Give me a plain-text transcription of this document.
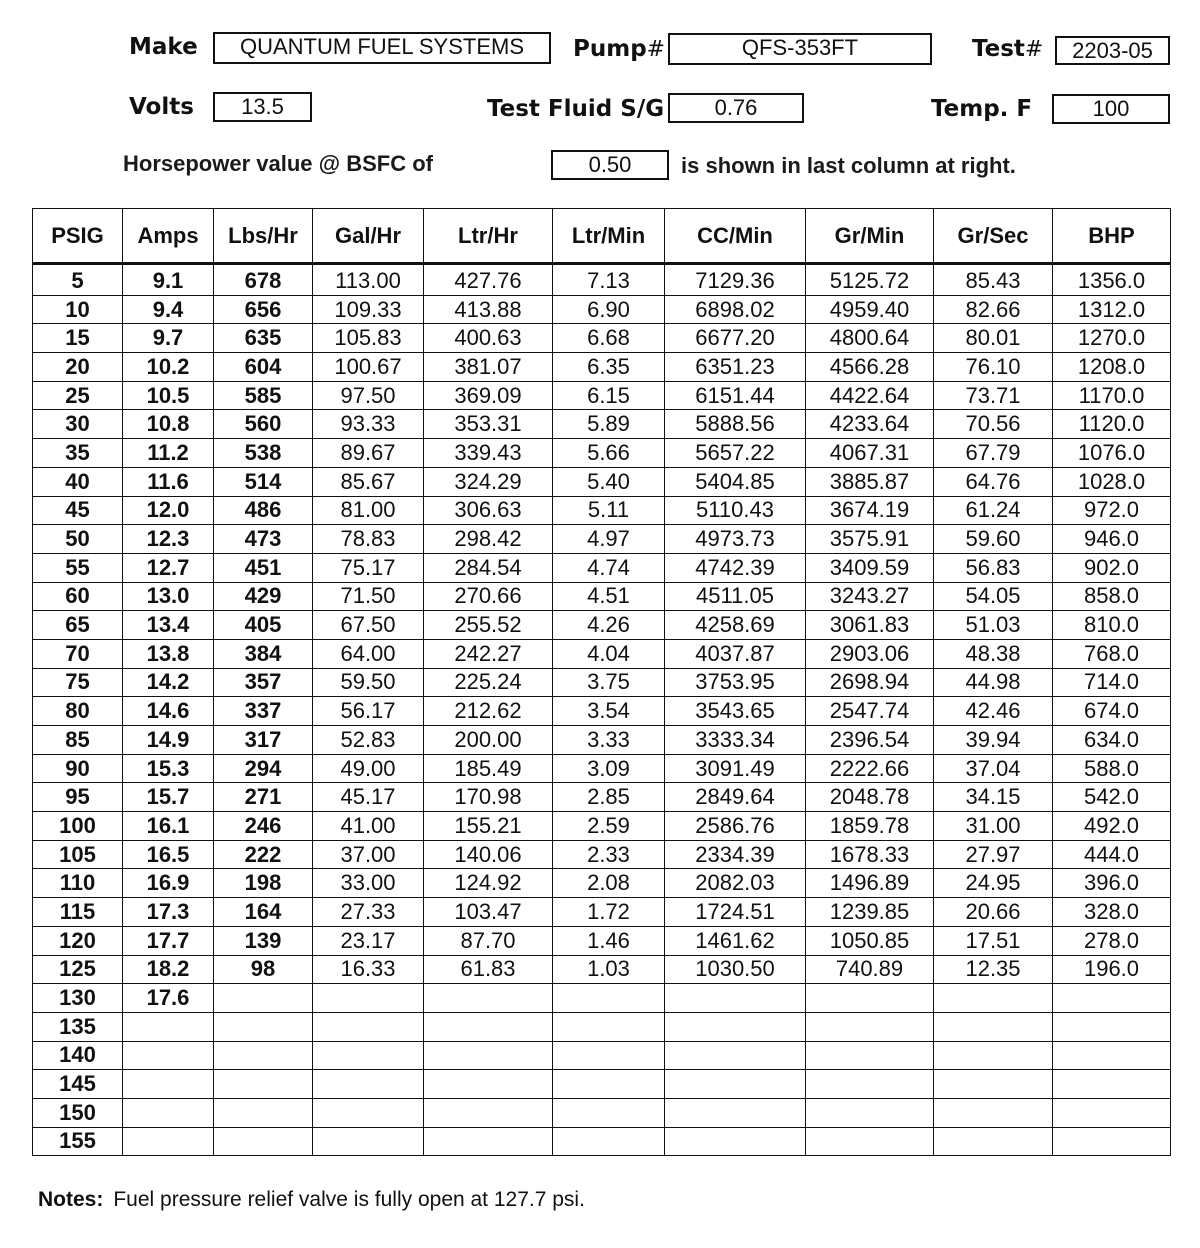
Make	QUANTUM FUEL SYSTEMS	Pump#	QFS-353FT	Test#	2203-05
Volts	13.5	Test Fluid S/G	0.76	Temp. F	100
Horsepower value @ BSFC of	0.50	is shown in last column at right.
PSIG	Amps	Lbs/Hr	Gal/Hr	Ltr/Hr	Ltr/Min	CC/Min	Gr/Min	Gr/Sec	BHP
5	9.1	678	113.00	427.76	7.13	7129.36	5125.72	85.43	1356.0
10	9.4	656	109.33	413.88	6.90	6898.02	4959.40	82.66	1312.0
15	9.7	635	105.83	400.63	6.68	6677.20	4800.64	80.01	1270.0
20	10.2	604	100.67	381.07	6.35	6351.23	4566.28	76.10	1208.0
25	10.5	585	97.50	369.09	6.15	6151.44	4422.64	73.71	1170.0
30	10.8	560	93.33	353.31	5.89	5888.56	4233.64	70.56	1120.0
35	11.2	538	89.67	339.43	5.66	5657.22	4067.31	67.79	1076.0
40	11.6	514	85.67	324.29	5.40	5404.85	3885.87	64.76	1028.0
45	12.0	486	81.00	306.63	5.11	5110.43	3674.19	61.24	972.0
50	12.3	473	78.83	298.42	4.97	4973.73	3575.91	59.60	946.0
55	12.7	451	75.17	284.54	4.74	4742.39	3409.59	56.83	902.0
60	13.0	429	71.50	270.66	4.51	4511.05	3243.27	54.05	858.0
65	13.4	405	67.50	255.52	4.26	4258.69	3061.83	51.03	810.0
70	13.8	384	64.00	242.27	4.04	4037.87	2903.06	48.38	768.0
75	14.2	357	59.50	225.24	3.75	3753.95	2698.94	44.98	714.0
80	14.6	337	56.17	212.62	3.54	3543.65	2547.74	42.46	674.0
85	14.9	317	52.83	200.00	3.33	3333.34	2396.54	39.94	634.0
90	15.3	294	49.00	185.49	3.09	3091.49	2222.66	37.04	588.0
95	15.7	271	45.17	170.98	2.85	2849.64	2048.78	34.15	542.0
100	16.1	246	41.00	155.21	2.59	2586.76	1859.78	31.00	492.0
105	16.5	222	37.00	140.06	2.33	2334.39	1678.33	27.97	444.0
110	16.9	198	33.00	124.92	2.08	2082.03	1496.89	24.95	396.0
115	17.3	164	27.33	103.47	1.72	1724.51	1239.85	20.66	328.0
120	17.7	139	23.17	87.70	1.46	1461.62	1050.85	17.51	278.0
125	18.2	98	16.33	61.83	1.03	1030.50	740.89	12.35	196.0
130	17.6								
135									
140									
145									
150									
155									
Notes: Fuel pressure relief valve is fully open at 127.7 psi.
